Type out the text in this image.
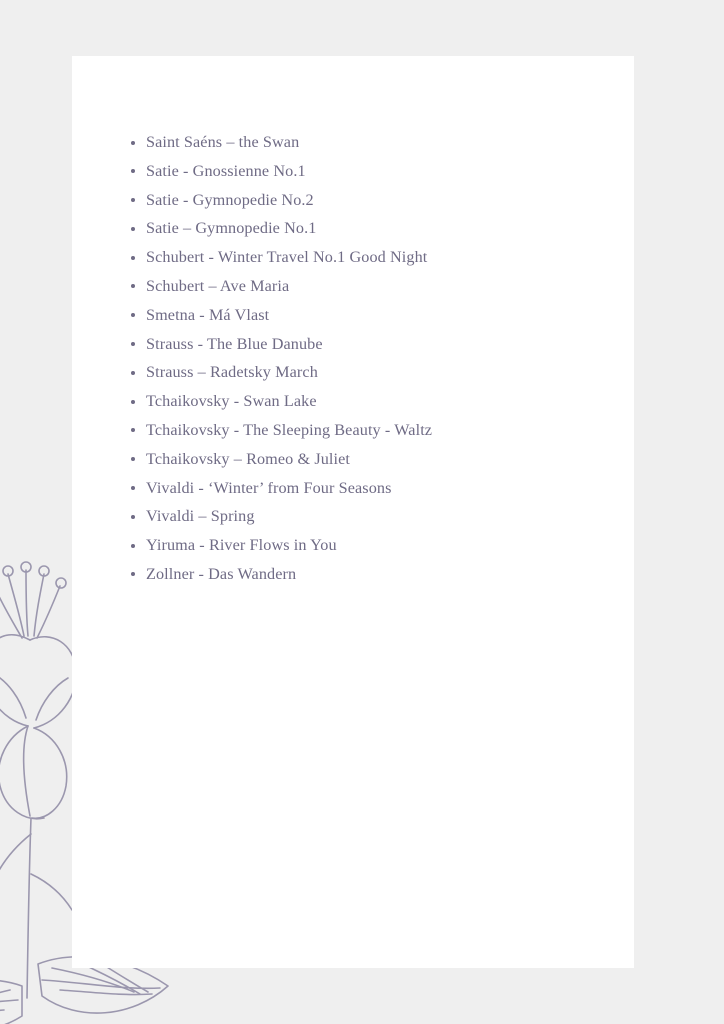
Saint Saéns – the Swan
Satie - Gnossienne No.1
Satie - Gymnopedie No.2
Satie – Gymnopedie No.1
Schubert - Winter Travel No.1 Good Night
Schubert – Ave Maria
Smetna - Má Vlast
Strauss - The Blue Danube
Strauss – Radetsky March
Tchaikovsky - Swan Lake
Tchaikovsky - The Sleeping Beauty - Waltz
Tchaikovsky – Romeo & Juliet
Vivaldi - ‘Winter’ from Four Seasons
Vivaldi – Spring
Yiruma - River Flows in You
Zollner - Das Wandern
